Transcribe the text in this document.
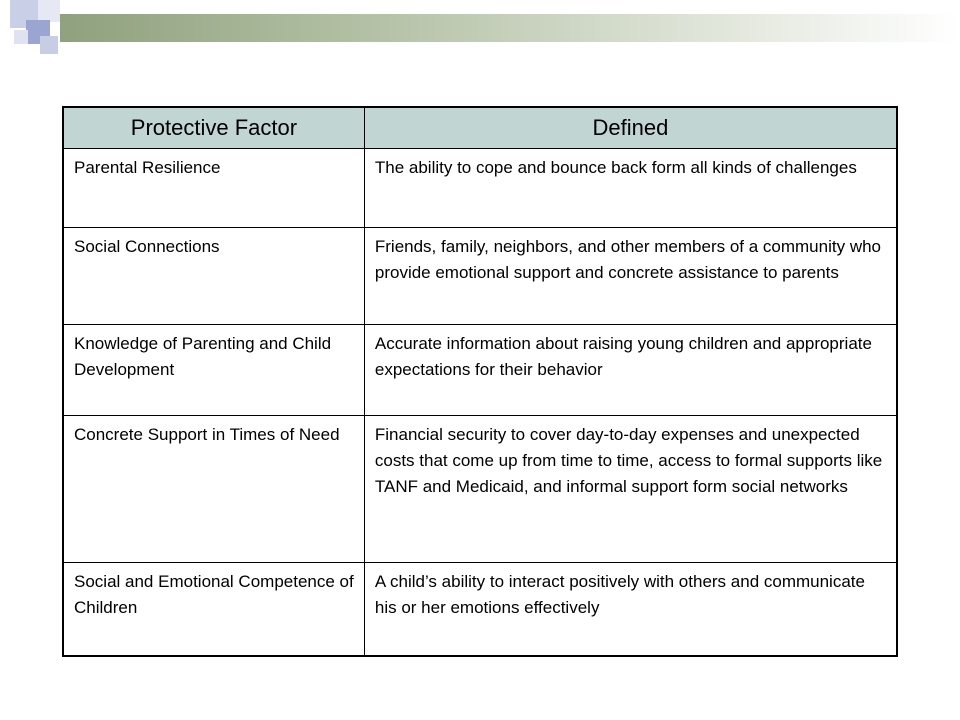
Protective Factor	Defined
Parental Resilience	The ability to cope and bounce back form all kinds of challenges
Social Connections	Friends, family, neighbors, and other members of a community who provide emotional support and concrete assistance to parents
Knowledge of Parenting and Child Development	Accurate information about raising young children and appropriate expectations for their behavior
Concrete Support in Times of Need	Financial security to cover day-to-day expenses and unexpected costs that come up from time to time, access to formal supports like TANF and Medicaid, and informal support form social networks
Social and Emotional Competence of Children	A child’s ability to interact positively with others and communicate his or her emotions effectively
